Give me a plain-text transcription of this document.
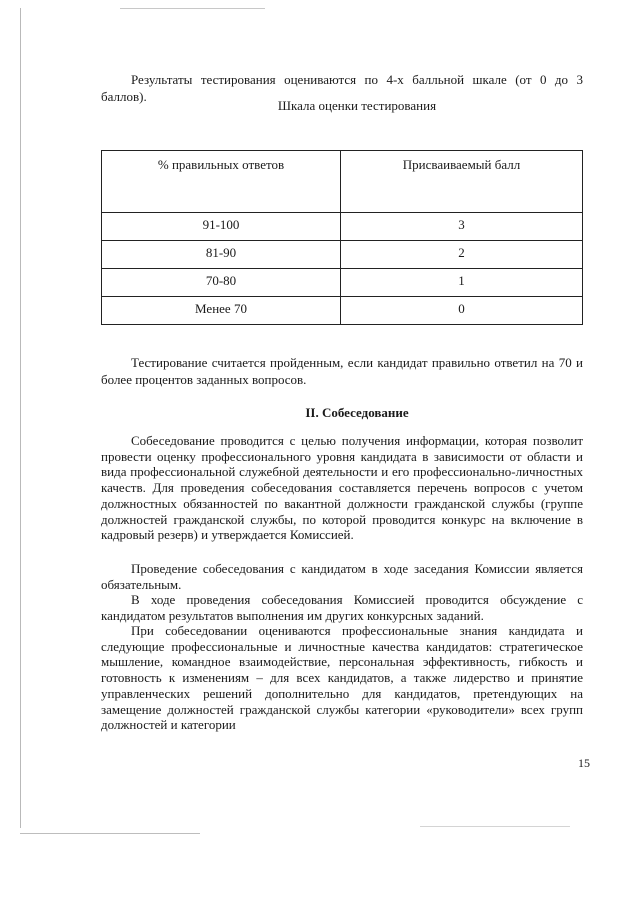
Результаты тестирования оцениваются по 4-х балльной шкале (от 0 до 3

баллов).

Шкала оценки тестирования

% правильных ответов	Присваиваемый балл
91-100	3
81-90	2
70-80	1
Менее 70	0

Тестирование считается пройденным, если кандидат правильно ответил на 70 и более процентов заданных вопросов.

II. Собеседование

Собеседование проводится с целью получения информации, которая позволит провести оценку профессионального уровня кандидата в зависимости от области и вида профессиональной служебной деятельности и его профессионально-личностных качеств. Для проведения собеседования составляется перечень вопросов с учетом должностных обязанностей по вакантной должности гражданской службы (группе должностей гражданской службы, по которой проводится конкурс на включение в кадровый резерв) и утверждается Комиссией.

Проведение собеседования с кандидатом в ходе заседания Комиссии является обязательным.

В ходе проведения собеседования Комиссией проводится обсуждение с кандидатом результатов выполнения им других конкурсных заданий.

При собеседовании оцениваются профессиональные знания кандидата и следующие профессиональные и личностные качества кандидатов: стратегическое мышление, командное взаимодействие, персональная эффективность, гибкость и готовность к изменениям – для всех кандидатов, а также лидерство и принятие управленческих решений дополнительно для кандидатов, претендующих на замещение должностей гражданской службы категории «руководители» всех групп должностей и категории

15
